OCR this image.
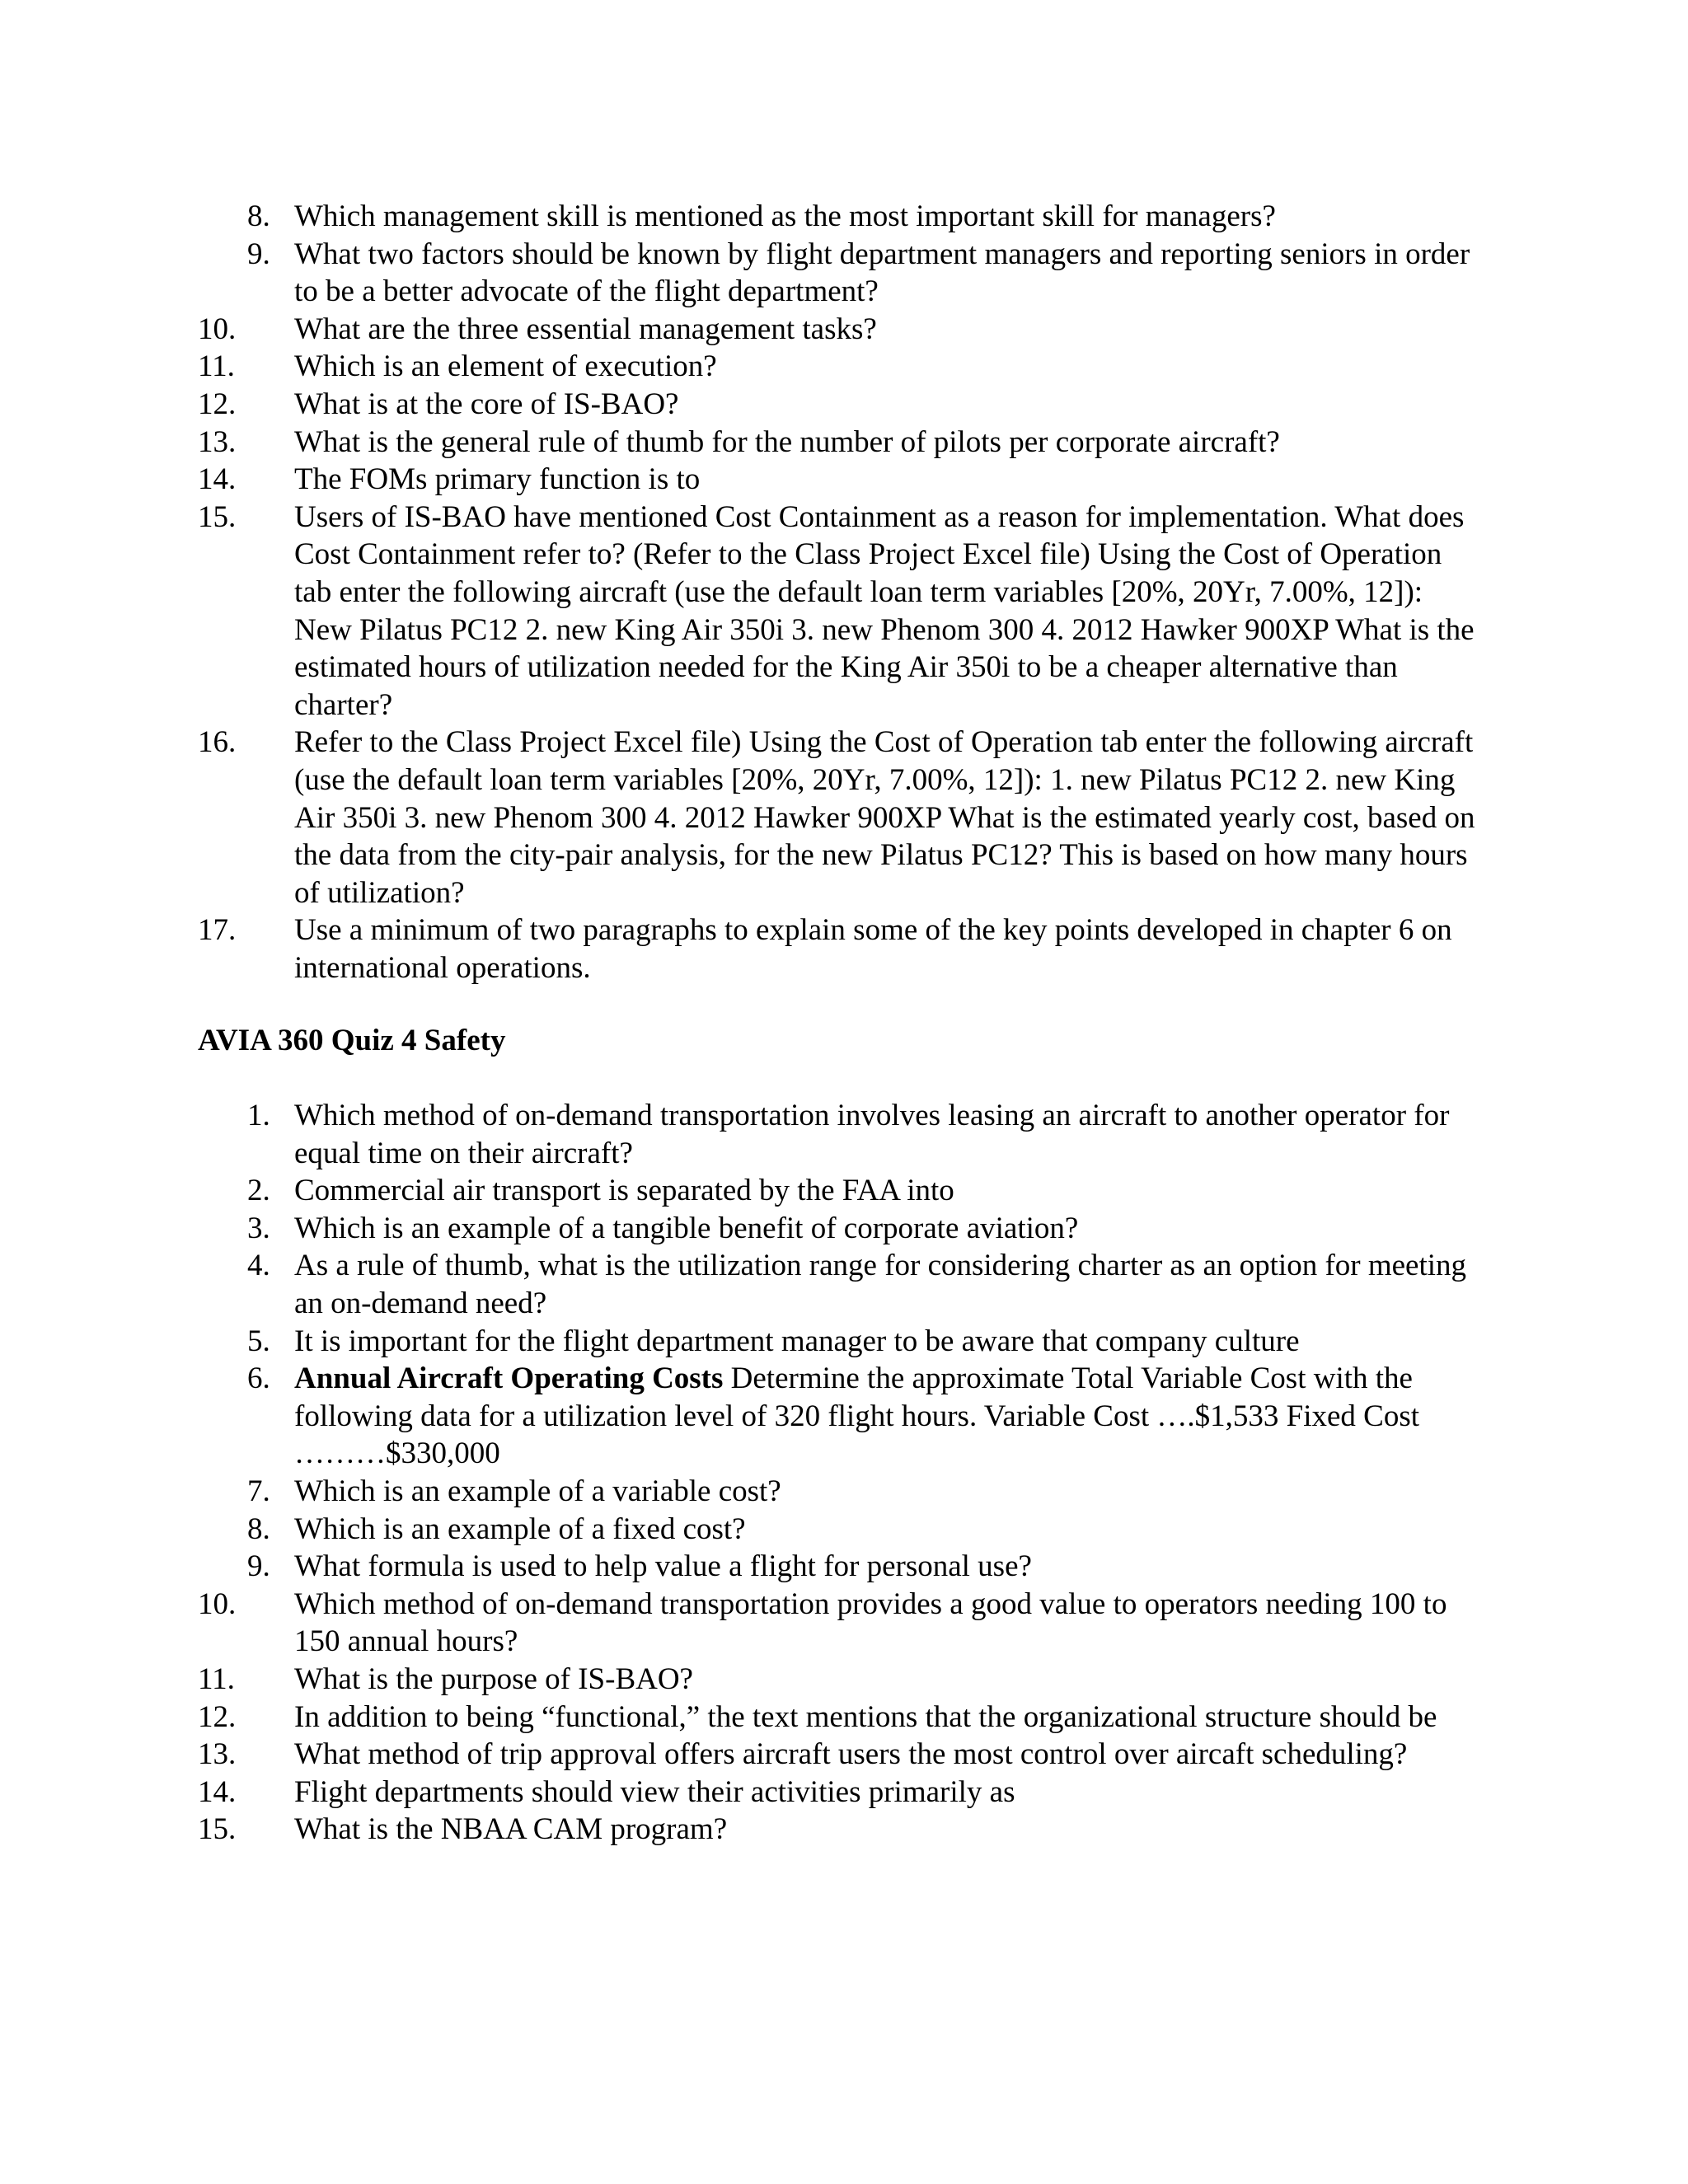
8. Which management skill is mentioned as the most important skill for managers?
9. What two factors should be known by flight department managers and reporting seniors in order to be a better advocate of the flight department?
10.	What are the three essential management tasks?
11.	Which is an element of execution?
12.	What is at the core of IS-BAO?
13.	What is the general rule of thumb for the number of pilots per corporate aircraft?
14.	The FOMs primary function is to
15.	Users of IS-BAO have mentioned Cost Containment as a reason for implementation. What does Cost Containment refer to? (Refer to the Class Project Excel file) Using the Cost of Operation tab enter the following aircraft (use the default loan term variables [20%, 20Yr, 7.00%, 12]): New Pilatus PC12 2. new King Air 350i 3. new Phenom 300 4. 2012 Hawker 900XP What is the estimated hours of utilization needed for the King Air 350i to be a cheaper alternative than charter?
16.	Refer to the Class Project Excel file) Using the Cost of Operation tab enter the following aircraft (use the default loan term variables [20%, 20Yr, 7.00%, 12]): 1. new Pilatus PC12 2. new King Air 350i 3. new Phenom 300 4. 2012 Hawker 900XP What is the estimated yearly cost, based on the data from the city-pair analysis, for the new Pilatus PC12? This is based on how many hours of utilization?
17.	Use a minimum of two paragraphs to explain some of the key points developed in chapter 6 on international operations.
AVIA 360 Quiz 4 Safety
1. Which method of on-demand transportation involves leasing an aircraft to another operator for equal time on their aircraft?
2. Commercial air transport is separated by the FAA into
3. Which is an example of a tangible benefit of corporate aviation?
4. As a rule of thumb, what is the utilization range for considering charter as an option for meeting an on-demand need?
5. It is important for the flight department manager to be aware that company culture
6. Annual Aircraft Operating Costs Determine the approximate Total Variable Cost with the following data for a utilization level of 320 flight hours. Variable Cost ….$1,533 Fixed Cost ………$330,000
7. Which is an example of a variable cost?
8. Which is an example of a fixed cost?
9. What formula is used to help value a flight for personal use?
10.	Which method of on-demand transportation provides a good value to operators needing 100 to 150 annual hours?
11.	What is the purpose of IS-BAO?
12.	In addition to being “functional,” the text mentions that the organizational structure should be
13.	What method of trip approval offers aircraft users the most control over aircaft scheduling?
14.	Flight departments should view their activities primarily as
15.	What is the NBAA CAM program?
